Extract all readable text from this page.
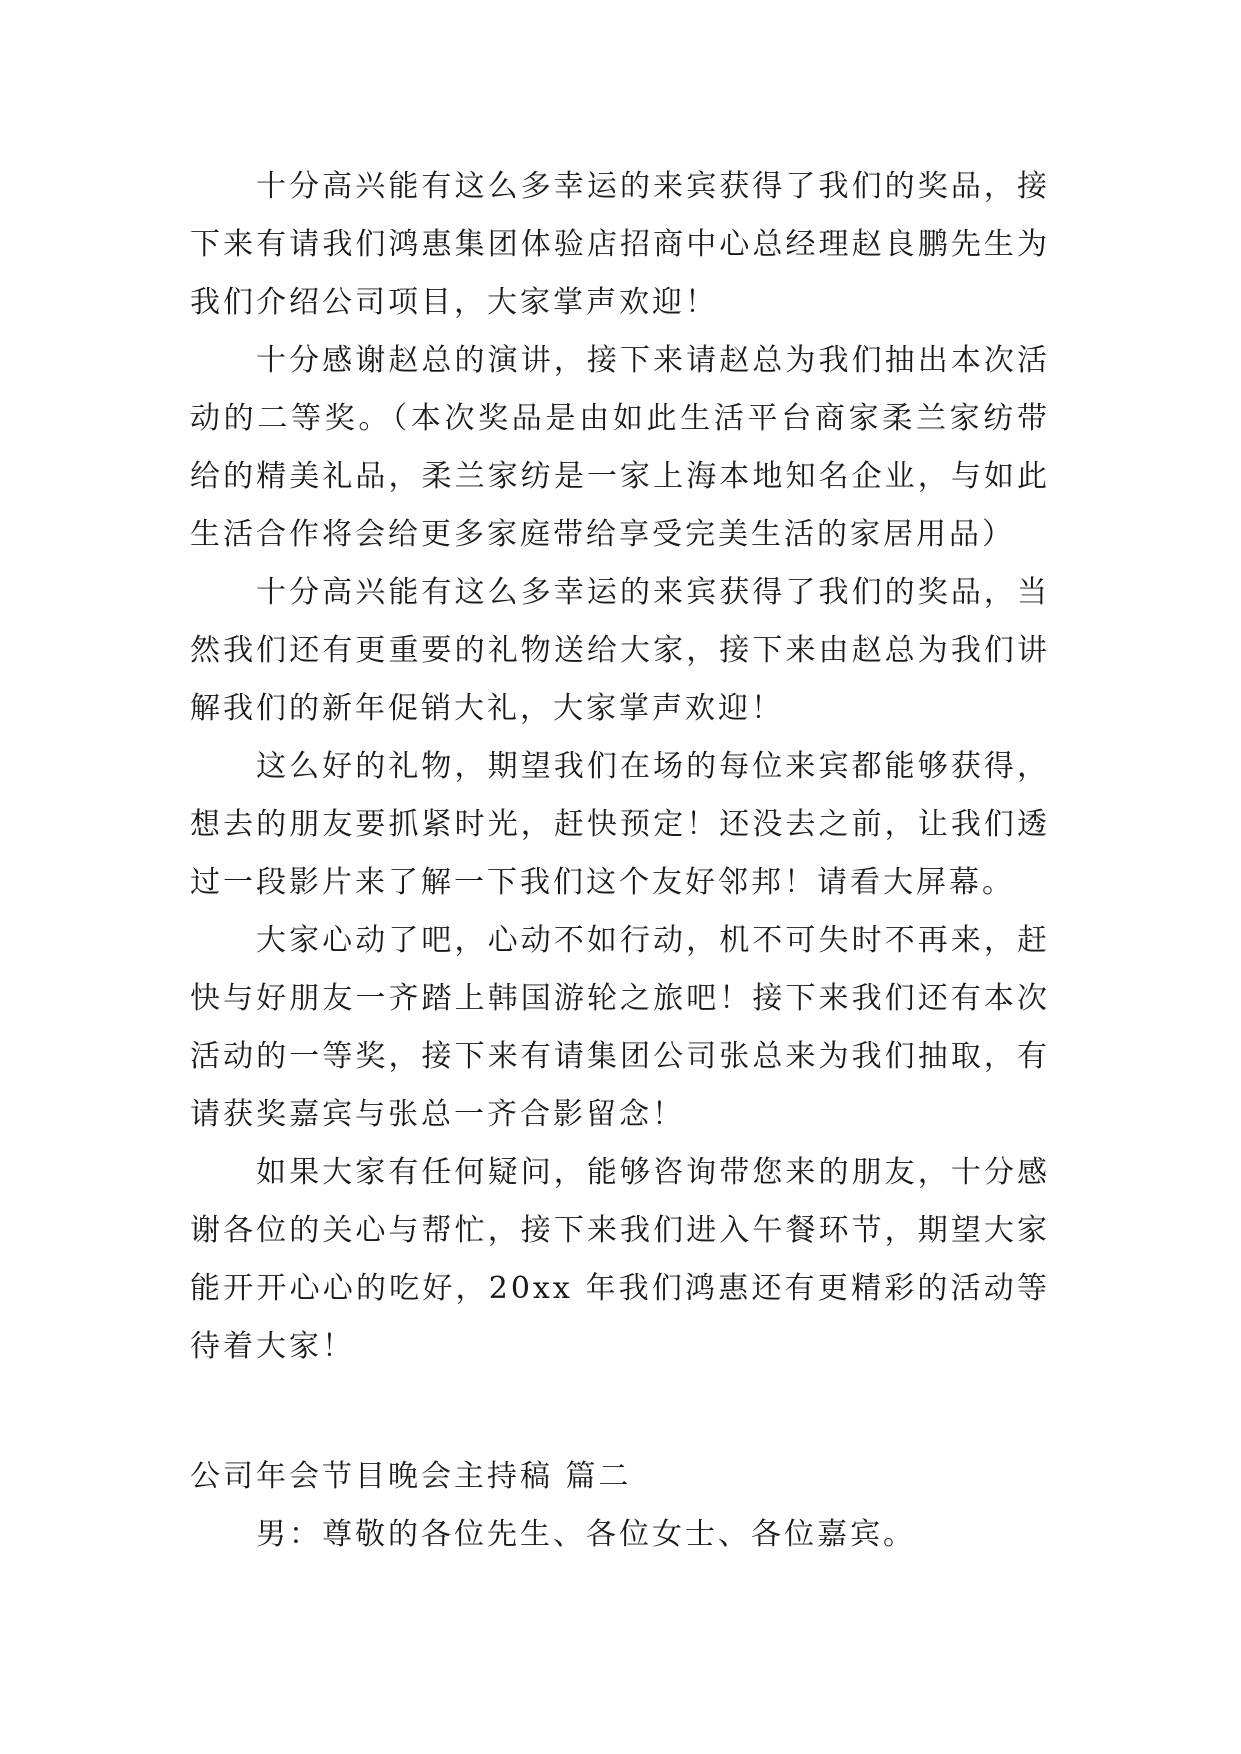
十分高兴能有这么多幸运的来宾获得了我们的奖品，接下来有请我们鸿惠集团体验店招商中心总经理赵良鹏先生为我们介绍公司项目，大家掌声欢迎！

十分感谢赵总的演讲，接下来请赵总为我们抽出本次活动的二等奖。（本次奖品是由如此生活平台商家柔兰家纺带给的精美礼品，柔兰家纺是一家上海本地知名企业，与如此生活合作将会给更多家庭带给享受完美生活的家居用品）

十分高兴能有这么多幸运的来宾获得了我们的奖品，当然我们还有更重要的礼物送给大家，接下来由赵总为我们讲解我们的新年促销大礼，大家掌声欢迎！

这么好的礼物，期望我们在场的每位来宾都能够获得，想去的朋友要抓紧时光，赶快预定！还没去之前，让我们透过一段影片来了解一下我们这个友好邻邦！请看大屏幕。

大家心动了吧，心动不如行动，机不可失时不再来，赶快与好朋友一齐踏上韩国游轮之旅吧！接下来我们还有本次活动的一等奖，接下来有请集团公司张总来为我们抽取，有请获奖嘉宾与张总一齐合影留念！

如果大家有任何疑问，能够咨询带您来的朋友，十分感谢各位的关心与帮忙，接下来我们进入午餐环节，期望大家能开开心心的吃好，20xx 年我们鸿惠还有更精彩的活动等待着大家！

公司年会节目晚会主持稿 篇二

男：尊敬的各位先生、各位女士、各位嘉宾。
